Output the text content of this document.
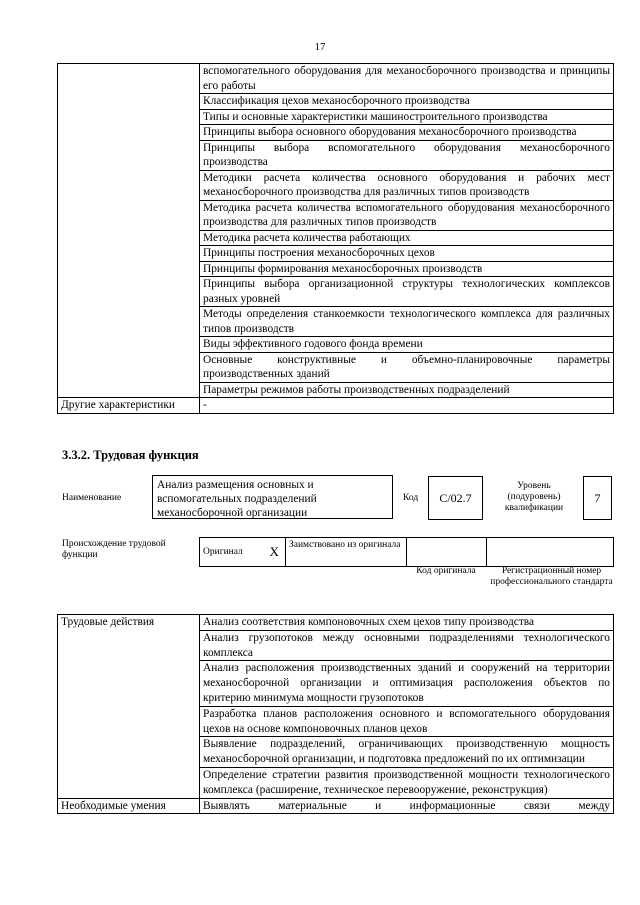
17
	вспомогательного оборудования для механосборочного производства и принципы его работы
	Классификация цехов механосборочного производства
	Типы и основные характеристики машиностроительного производства
	Принципы выбора основного оборудования механосборочного производства
	Принципы выбора вспомогательного оборудования механосборочного производства
	Методики расчета количества основного оборудования и рабочих мест механосборочного производства для различных типов производств
	Методика расчета количества вспомогательного оборудования механосборочного производства для различных типов производств
	Методика расчета количества работающих
	Принципы построения механосборочных цехов
	Принципы формирования механосборочных производств
	Принципы выбора организационной структуры технологических комплексов разных уровней
	Методы определения станкоемкости технологического комплекса для различных типов производств
	Виды эффективного годового фонда времени
	Основные конструктивные и объемно-планировочные параметры производственных зданий
	Параметры режимов работы производственных подразделений
Другие характеристики	-
3.3.2. Трудовая функция
Наименование
Анализ размещения основных и вспомогательных подразделений механосборочной организации
Код	С/02.7
Уровень (подуровень) квалификации
7
Происхождение трудовой функции	Оригинал	X	Заимствовано из оригинала		
Код оригинала	Регистрационный номер профессионального стандарта
Трудовые действия	Анализ соответствия компоновочных схем цехов типу производства
	Анализ грузопотоков между основными подразделениями технологического комплекса
	Анализ расположения производственных зданий и сооружений на территории механосборочной организации и оптимизация расположения объектов по критерию минимума мощности грузопотоков
	Разработка планов расположения основного и вспомогательного оборудования цехов на основе компоновочных планов цехов
	Выявление подразделений, ограничивающих производственную мощность механосборочной организации, и подготовка предложений по их оптимизации
	Определение стратегии развития производственной мощности технологического комплекса (расширение, техническое перевооружение, реконструкция)
Необходимые умения	Выявлять материальные и информационные связи между
